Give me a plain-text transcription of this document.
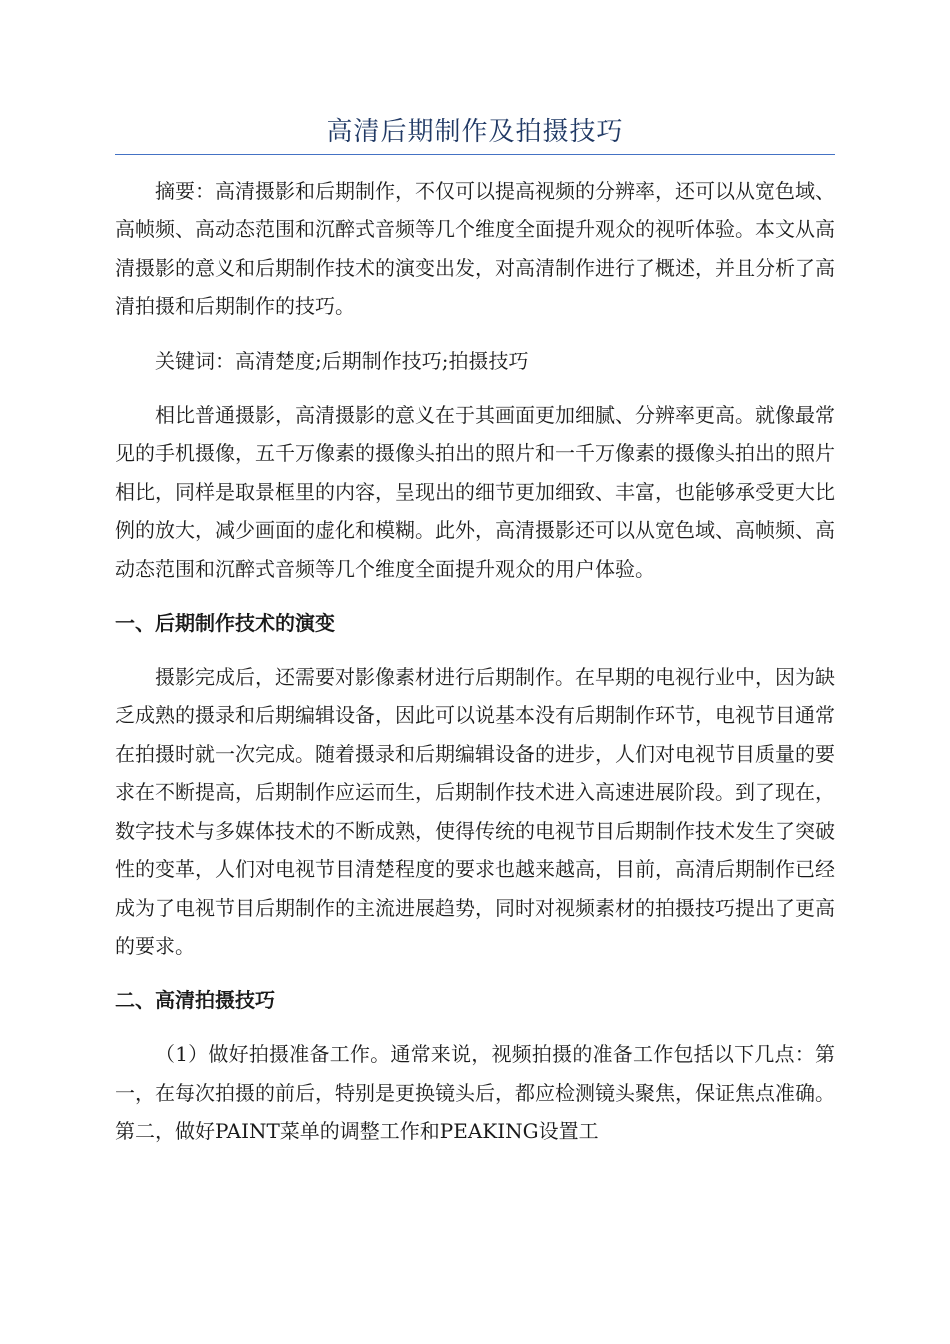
高清后期制作及拍摄技巧

摘要：高清摄影和后期制作，不仅可以提高视频的分辨率，还可以从宽色域、高帧频、高动态范围和沉醉式音频等几个维度全面提升观众的视听体验。本文从高清摄影的意义和后期制作技术的演变出发，对高清制作进行了概述，并且分析了高清拍摄和后期制作的技巧。

关键词：高清楚度;后期制作技巧;拍摄技巧

相比普通摄影，高清摄影的意义在于其画面更加细腻、分辨率更高。就像最常见的手机摄像，五千万像素的摄像头拍出的照片和一千万像素的摄像头拍出的照片相比，同样是取景框里的内容，呈现出的细节更加细致、丰富，也能够承受更大比例的放大，减少画面的虚化和模糊。此外，高清摄影还可以从宽色域、高帧频、高动态范围和沉醉式音频等几个维度全面提升观众的用户体验。

一、后期制作技术的演变

摄影完成后，还需要对影像素材进行后期制作。在早期的电视行业中，因为缺乏成熟的摄录和后期编辑设备，因此可以说基本没有后期制作环节，电视节目通常在拍摄时就一次完成。随着摄录和后期编辑设备的进步，人们对电视节目质量的要求在不断提高，后期制作应运而生，后期制作技术进入高速进展阶段。到了现在，数字技术与多媒体技术的不断成熟，使得传统的电视节目后期制作技术发生了突破性的变革，人们对电视节目清楚程度的要求也越来越高，目前，高清后期制作已经成为了电视节目后期制作的主流进展趋势，同时对视频素材的拍摄技巧提出了更高的要求。

二、高清拍摄技巧

（1）做好拍摄准备工作。通常来说，视频拍摄的准备工作包括以下几点：第一，在每次拍摄的前后，特别是更换镜头后，都应检测镜头聚焦，保证焦点准确。第二，做好PAINT菜单的调整工作和PEAKING设置工
